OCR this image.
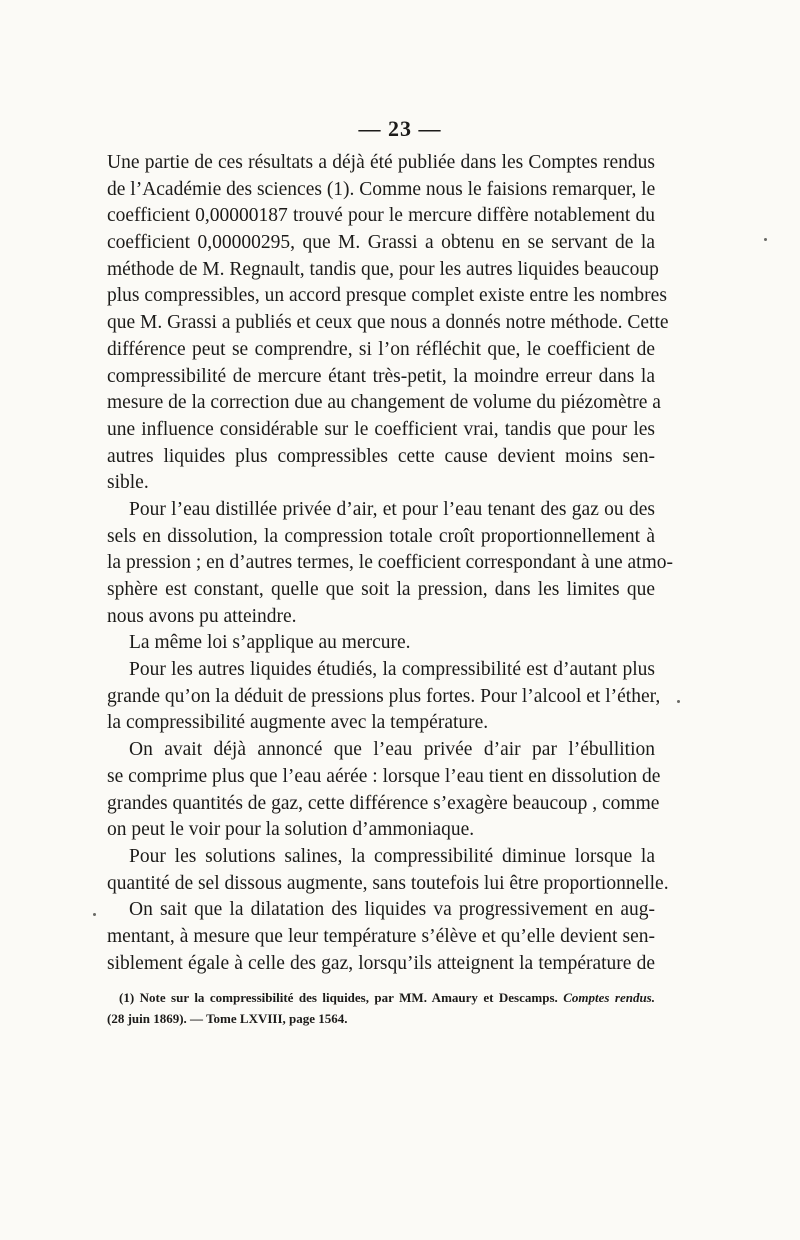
— 23 —
Une partie de ces résultats a déjà été publiée dans les Comptes rendus
de l’Académie des sciences (1). Comme nous le faisions remarquer, le
coefficient 0,00000187 trouvé pour le mercure diffère notablement du
coefficient 0,00000295, que M. Grassi a obtenu en se servant de la
méthode de M. Regnault, tandis que, pour les autres liquides beaucoup
plus compressibles, un accord presque complet existe entre les nombres
que M. Grassi a publiés et ceux que nous a donnés notre méthode. Cette
différence peut se comprendre, si l’on réfléchit que, le coefficient de
compressibilité de mercure étant très-petit, la moindre erreur dans la
mesure de la correction due au changement de volume du piézomètre a
une influence considérable sur le coefficient vrai, tandis que pour les
autres liquides plus compressibles cette cause devient moins sen-
sible.
Pour l’eau distillée privée d’air, et pour l’eau tenant des gaz ou des
sels en dissolution, la compression totale croît proportionnellement à
la pression ; en d’autres termes, le coefficient correspondant à une atmo-
sphère est constant, quelle que soit la pression, dans les limites que
nous avons pu atteindre.
La même loi s’applique au mercure.
Pour les autres liquides étudiés, la compressibilité est d’autant plus
grande qu’on la déduit de pressions plus fortes. Pour l’alcool et l’éther,
la compressibilité augmente avec la température.
On avait déjà annoncé que l’eau privée d’air par l’ébullition
se comprime plus que l’eau aérée : lorsque l’eau tient en dissolution de
grandes quantités de gaz, cette différence s’exagère beaucoup , comme
on peut le voir pour la solution d’ammoniaque.
Pour les solutions salines, la compressibilité diminue lorsque la
quantité de sel dissous augmente, sans toutefois lui être proportionnelle.
On sait que la dilatation des liquides va progressivement en aug-
mentant, à mesure que leur température s’élève et qu’elle devient sen-
siblement égale à celle des gaz, lorsqu’ils atteignent la température de
(1) Note sur la compressibilité des liquides, par MM. Amaury et Descamps. Comptes rendus.
(28 juin 1869). — Tome LXVIII, page 1564.
